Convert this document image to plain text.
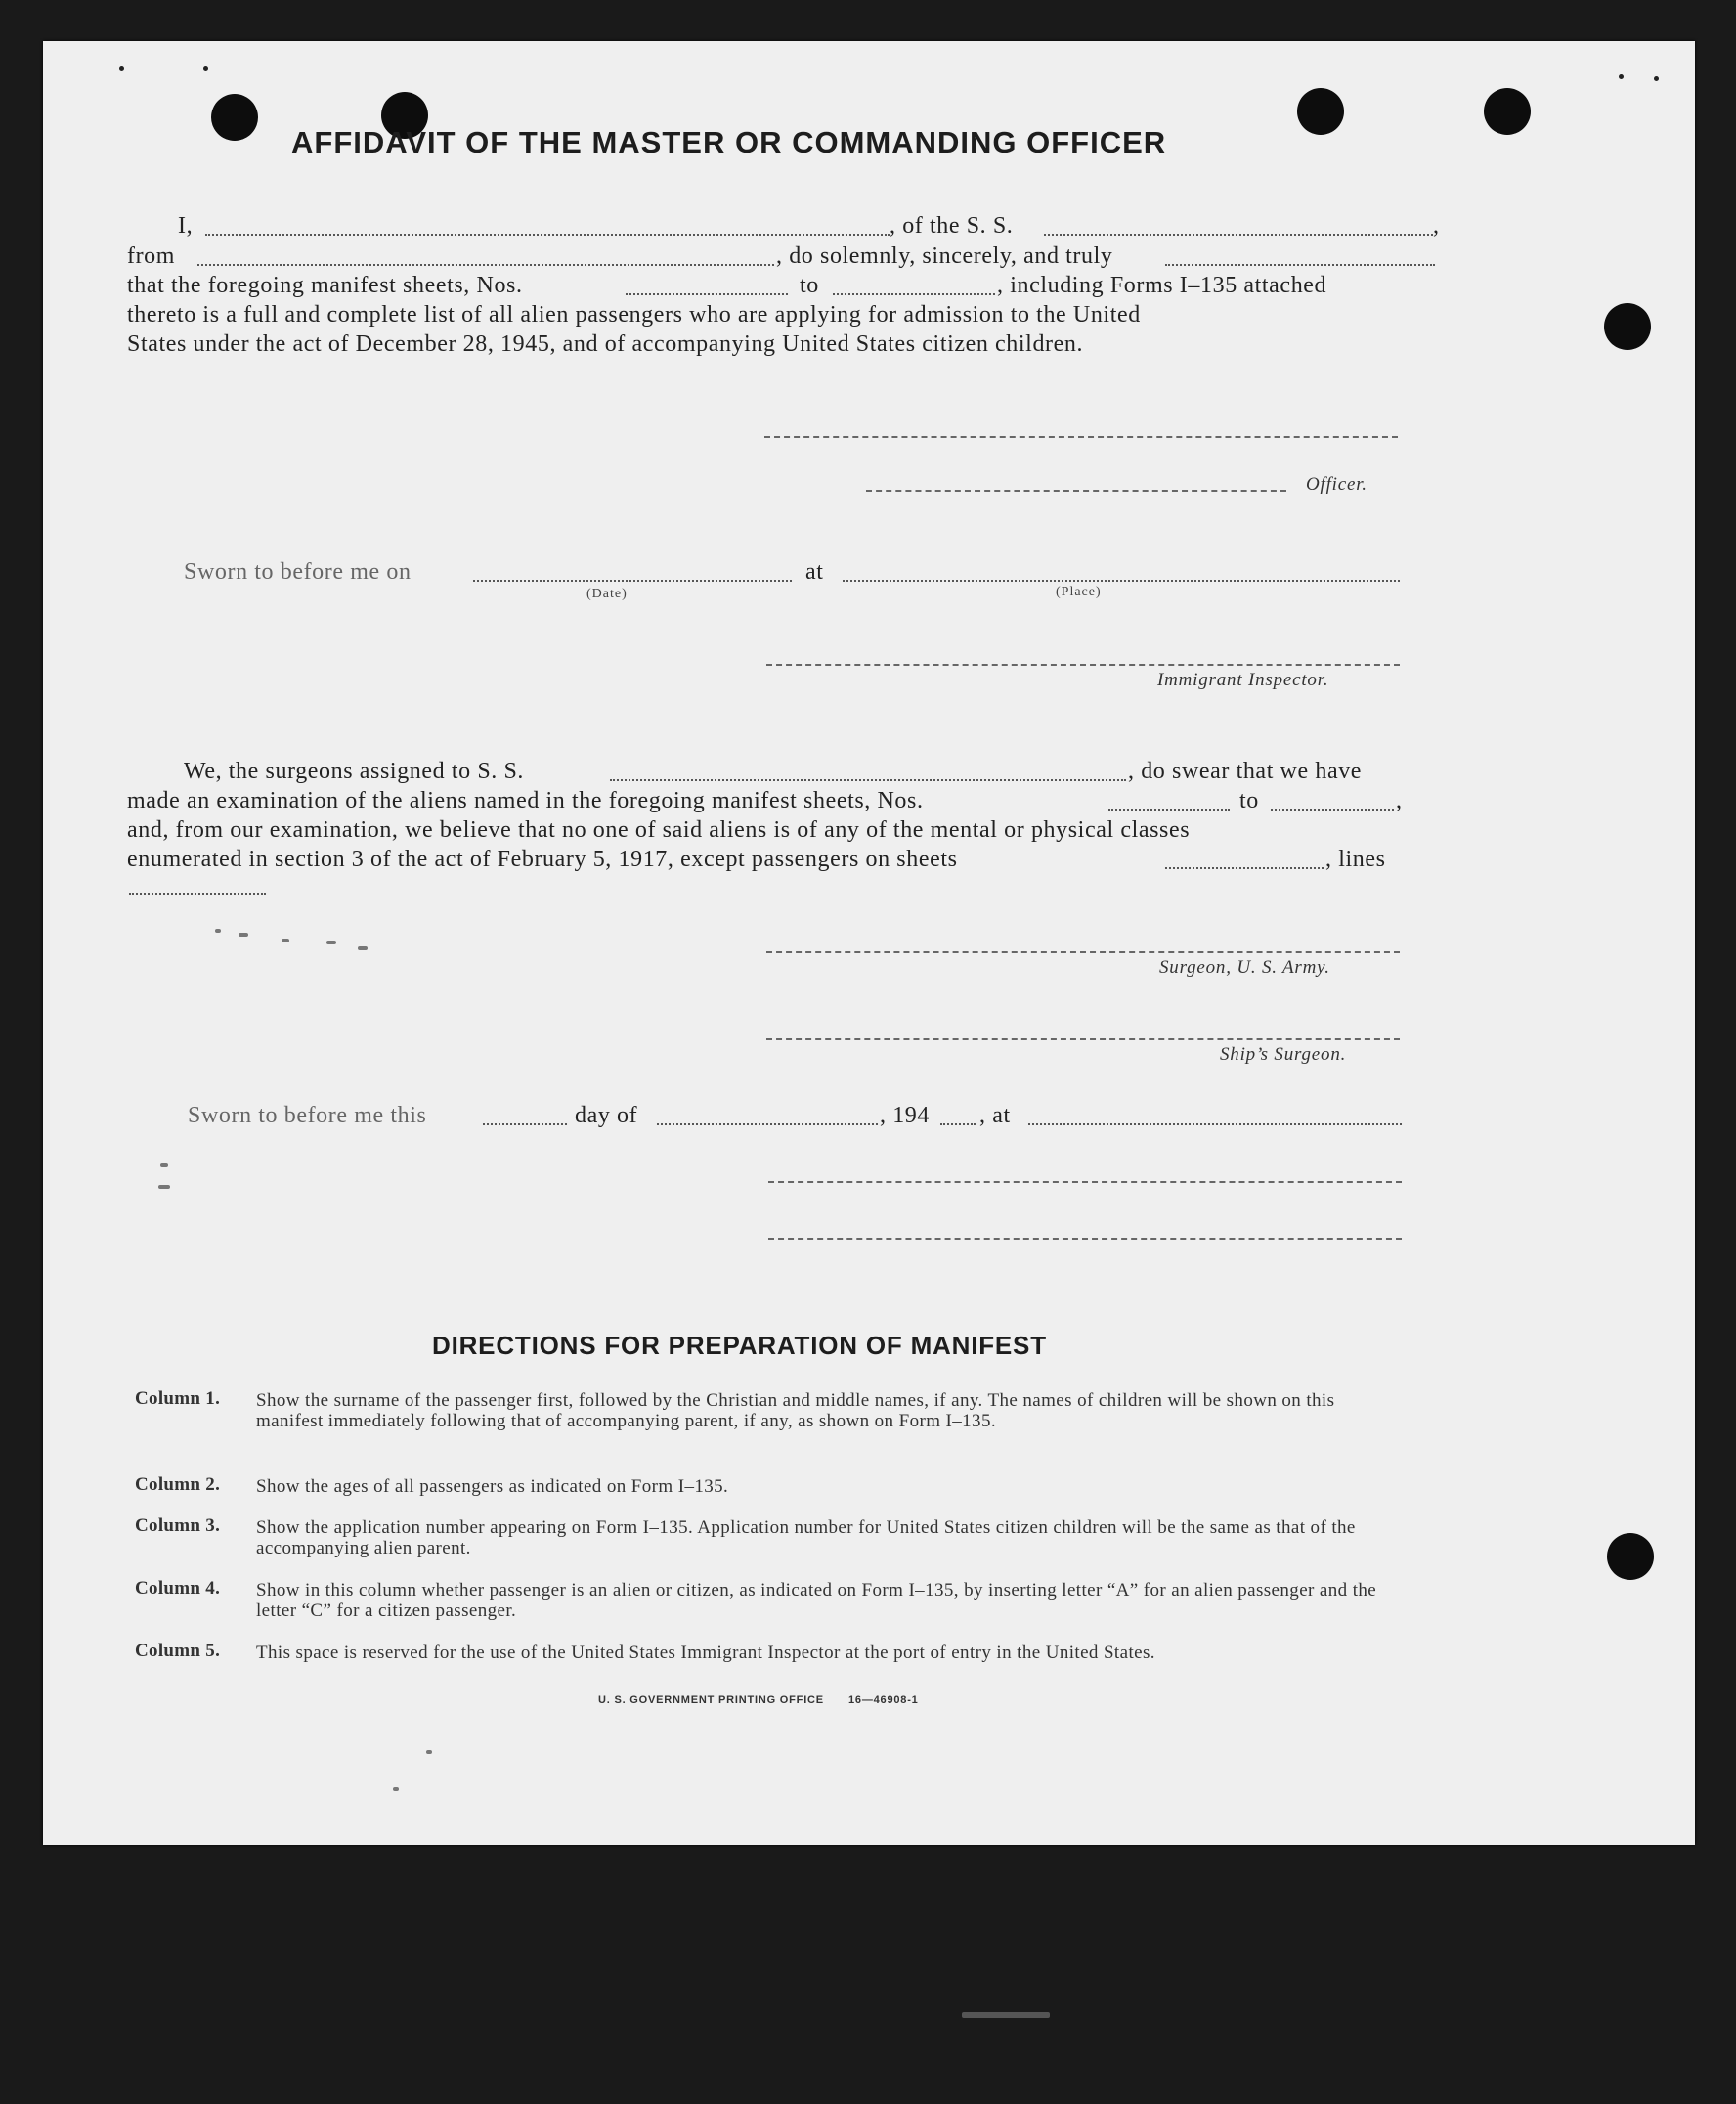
AFFIDAVIT OF THE MASTER OR COMMANDING OFFICER
I,	, of the S. S.	,
from	, do solemnly, sincerely, and truly
that the foregoing manifest sheets, Nos.	to	, including Forms I–135 attached
thereto is a full and complete list of all alien passengers who are applying for admission to the United
States under the act of December 28, 1945, and of accompanying United States citizen children.
Officer.
Sworn to before me on
(Date)
at
(Place)
Immigrant Inspector.
We, the surgeons assigned to S. S.	, do swear that we have
made an examination of the aliens named in the foregoing manifest sheets, Nos.	to	,
and, from our examination, we believe that no one of said aliens is of any of the mental or physical classes
enumerated in section 3 of the act of February 5, 1917, except passengers on sheets	, lines
Surgeon, U. S. Army.
Ship’s Surgeon.
Sworn to before me this	day of	, 194 , at
DIRECTIONS FOR PREPARATION OF MANIFEST
Column 1. Show the surname of the passenger first, followed by the Christian and middle names, if any. The names of children will be shown on this manifest immediately following that of accompanying parent, if any, as shown on Form I–135.
Column 2. Show the ages of all passengers as indicated on Form I–135.
Column 3. Show the application number appearing on Form I–135. Application number for United States citizen children will be the same as that of the accompanying alien parent.
Column 4. Show in this column whether passenger is an alien or citizen, as indicated on Form I–135, by inserting letter “A” for an alien passenger and the letter “C” for a citizen passenger.
Column 5. This space is reserved for the use of the United States Immigrant Inspector at the port of entry in the United States.
U. S. GOVERNMENT PRINTING OFFICE 16—46908-1
